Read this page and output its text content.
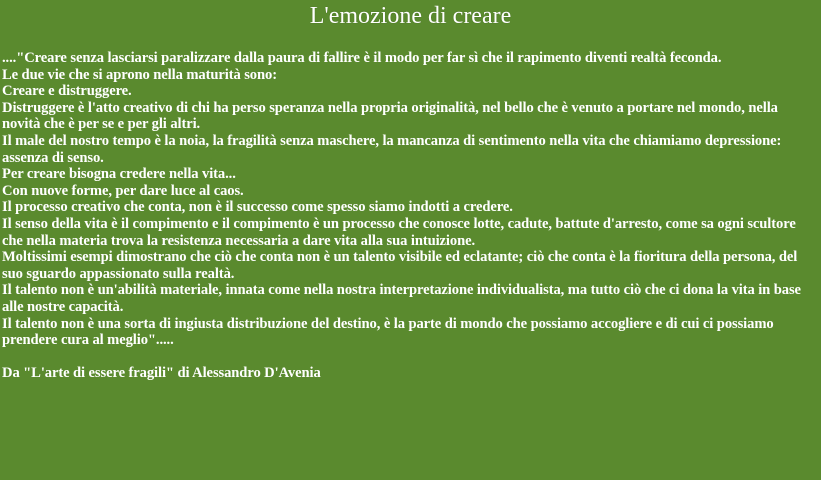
L'emozione di creare
...."Creare senza lasciarsi paralizzare dalla paura di fallire è il modo per far sì che il rapimento diventi realtà feconda.
Le due vie che si aprono nella maturità sono:
Creare e distruggere.
Distruggere è l'atto creativo di chi ha perso speranza nella propria originalità, nel bello che è venuto a portare nel mondo, nella novità che è per se e per gli altri.
Il male del nostro tempo è la noia, la fragilità senza maschere, la mancanza di sentimento nella vita che chiamiamo depressione: assenza di senso.
Per creare bisogna credere nella vita...
Con nuove forme, per dare luce al caos.
Il processo creativo che conta, non è il successo come spesso siamo indotti a credere.
Il senso della vita è il compimento e il compimento è un processo che conosce lotte, cadute, battute d'arresto, come sa ogni scultore che nella materia trova la resistenza necessaria a dare vita alla sua intuizione.
Moltissimi esempi dimostrano che ciò che conta non è un talento visibile ed eclatante; ciò che conta è la fioritura della persona, del suo sguardo appassionato sulla realtà.
Il talento non è un'abilità materiale, innata come nella nostra interpretazione individualista, ma tutto ciò che ci dona la vita in base alle nostre capacità.
Il talento non è una sorta di ingiusta distribuzione del destino, è la parte di mondo che possiamo accogliere e di cui ci possiamo prendere cura al meglio".....
Da "L'arte di essere fragili" di Alessandro D'Avenia
